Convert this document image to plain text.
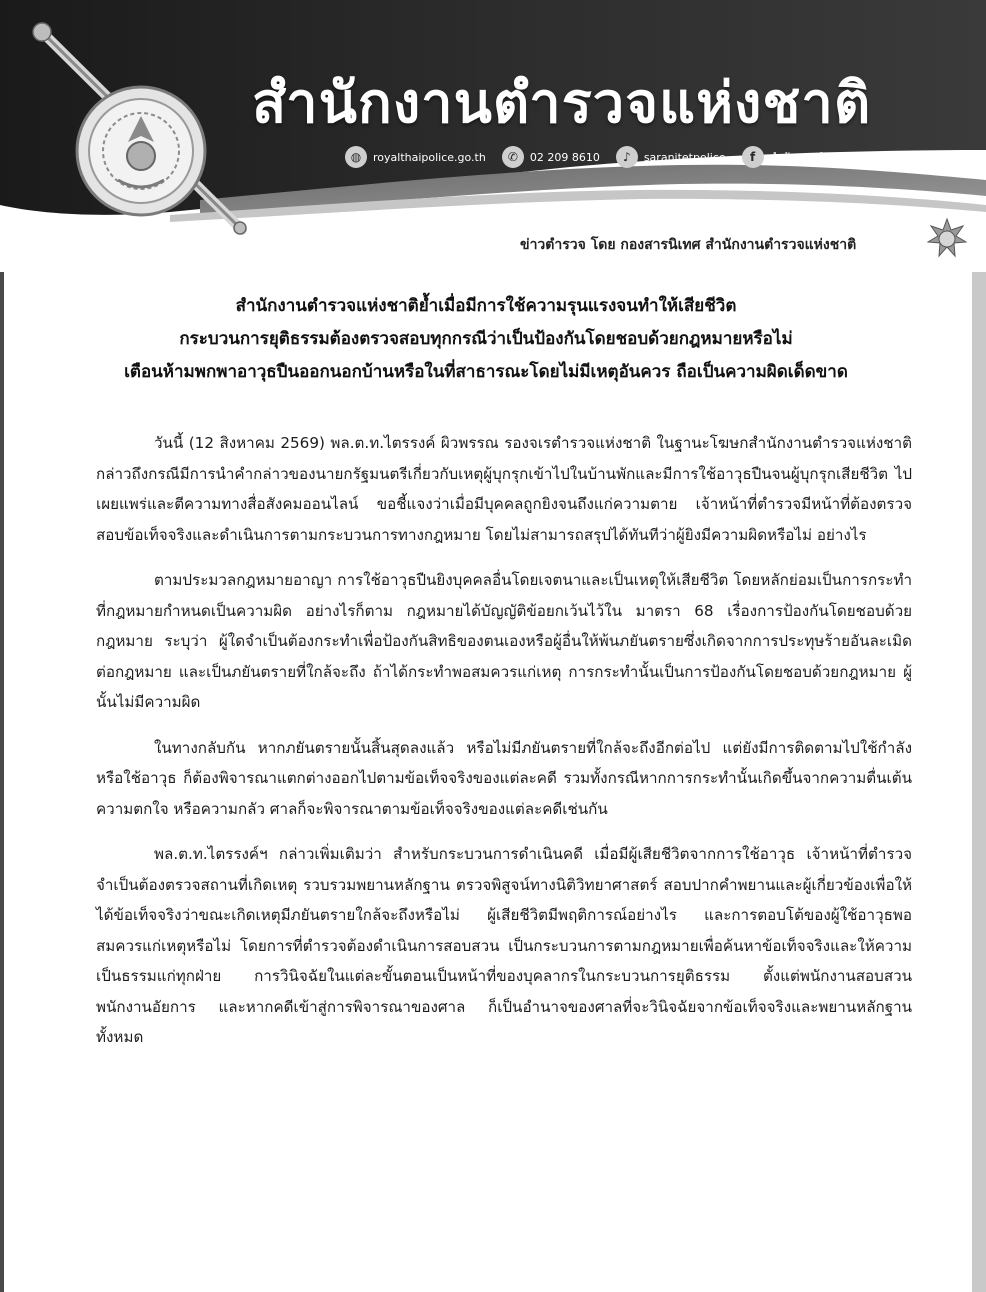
สำนักงานตำรวจแห่งชาติ
◍	royalthaipolice.go.th	✆	02 209 8610	♪	saranitetpolice	f	สำนักงานตำรวจแห่งชาติ
ข่าวตำรวจ โดย กองสารนิเทศ สำนักงานตำรวจแห่งชาติ
สำนักงานตำรวจแห่งชาติย้ำเมื่อมีการใช้ความรุนแรงจนทำให้เสียชีวิต
กระบวนการยุติธรรมต้องตรวจสอบทุกกรณีว่าเป็นป้องกันโดยชอบด้วยกฎหมายหรือไม่
เตือนห้ามพกพาอาวุธปืนออกนอกบ้านหรือในที่สาธารณะโดยไม่มีเหตุอันควร ถือเป็นความผิดเด็ดขาด

วันนี้ (12 สิงหาคม 2569) พล.ต.ท.ไตรรงค์ ผิวพรรณ รองจเรตำรวจแห่งชาติ ในฐานะโฆษกสำนักงานตำรวจแห่งชาติ กล่าวถึงกรณีมีการนำคำกล่าวของนายกรัฐมนตรีเกี่ยวกับเหตุผู้บุกรุกเข้าไปในบ้านพักและมีการใช้อาวุธปืนจนผู้บุกรุกเสียชีวิต ไปเผยแพร่และตีความทางสื่อสังคมออนไลน์ ขอชี้แจงว่าเมื่อมีบุคคลถูกยิงจนถึงแก่ความตาย เจ้าหน้าที่ตำรวจมีหน้าที่ต้องตรวจสอบข้อเท็จจริงและดำเนินการตามกระบวนการทางกฎหมาย โดยไม่สามารถสรุปได้ทันทีว่าผู้ยิงมีความผิดหรือไม่ อย่างไร

ตามประมวลกฎหมายอาญา การใช้อาวุธปืนยิงบุคคลอื่นโดยเจตนาและเป็นเหตุให้เสียชีวิต โดยหลักย่อมเป็นการกระทำที่กฎหมายกำหนดเป็นความผิด อย่างไรก็ตาม กฎหมายได้บัญญัติข้อยกเว้นไว้ใน มาตรา 68 เรื่องการป้องกันโดยชอบด้วยกฎหมาย ระบุว่า ผู้ใดจำเป็นต้องกระทำเพื่อป้องกันสิทธิของตนเองหรือผู้อื่นให้พ้นภยันตรายซึ่งเกิดจากการประทุษร้ายอันละเมิดต่อกฎหมาย และเป็นภยันตรายที่ใกล้จะถึง ถ้าได้กระทำพอสมควรแก่เหตุ การกระทำนั้นเป็นการป้องกันโดยชอบด้วยกฎหมาย ผู้นั้นไม่มีความผิด

ในทางกลับกัน หากภยันตรายนั้นสิ้นสุดลงแล้ว หรือไม่มีภยันตรายที่ใกล้จะถึงอีกต่อไป แต่ยังมีการติดตามไปใช้กำลังหรือใช้อาวุธ ก็ต้องพิจารณาแตกต่างออกไปตามข้อเท็จจริงของแต่ละคดี รวมทั้งกรณีหากการกระทำนั้นเกิดขึ้นจากความตื่นเต้น ความตกใจ หรือความกลัว ศาลก็จะพิจารณาตามข้อเท็จจริงของแต่ละคดีเช่นกัน

พล.ต.ท.ไตรรงค์ฯ กล่าวเพิ่มเติมว่า สำหรับกระบวนการดำเนินคดี เมื่อมีผู้เสียชีวิตจากการใช้อาวุธ เจ้าหน้าที่ตำรวจจำเป็นต้องตรวจสถานที่เกิดเหตุ รวบรวมพยานหลักฐาน ตรวจพิสูจน์ทางนิติวิทยาศาสตร์ สอบปากคำพยานและผู้เกี่ยวข้องเพื่อให้ได้ข้อเท็จจริงว่าขณะเกิดเหตุมีภยันตรายใกล้จะถึงหรือไม่ ผู้เสียชีวิตมีพฤติการณ์อย่างไร และการตอบโต้ของผู้ใช้อาวุธพอสมควรแก่เหตุหรือไม่ โดยการที่ตำรวจต้องดำเนินการสอบสวน เป็นกระบวนการตามกฎหมายเพื่อค้นหาข้อเท็จจริงและให้ความเป็นธรรมแก่ทุกฝ่าย การวินิจฉัยในแต่ละขั้นตอนเป็นหน้าที่ของบุคลากรในกระบวนการยุติธรรม ตั้งแต่พนักงานสอบสวน พนักงานอัยการ และหากคดีเข้าสู่การพิจารณาของศาล ก็เป็นอำนาจของศาลที่จะวินิจฉัยจากข้อเท็จจริงและพยานหลักฐานทั้งหมด
